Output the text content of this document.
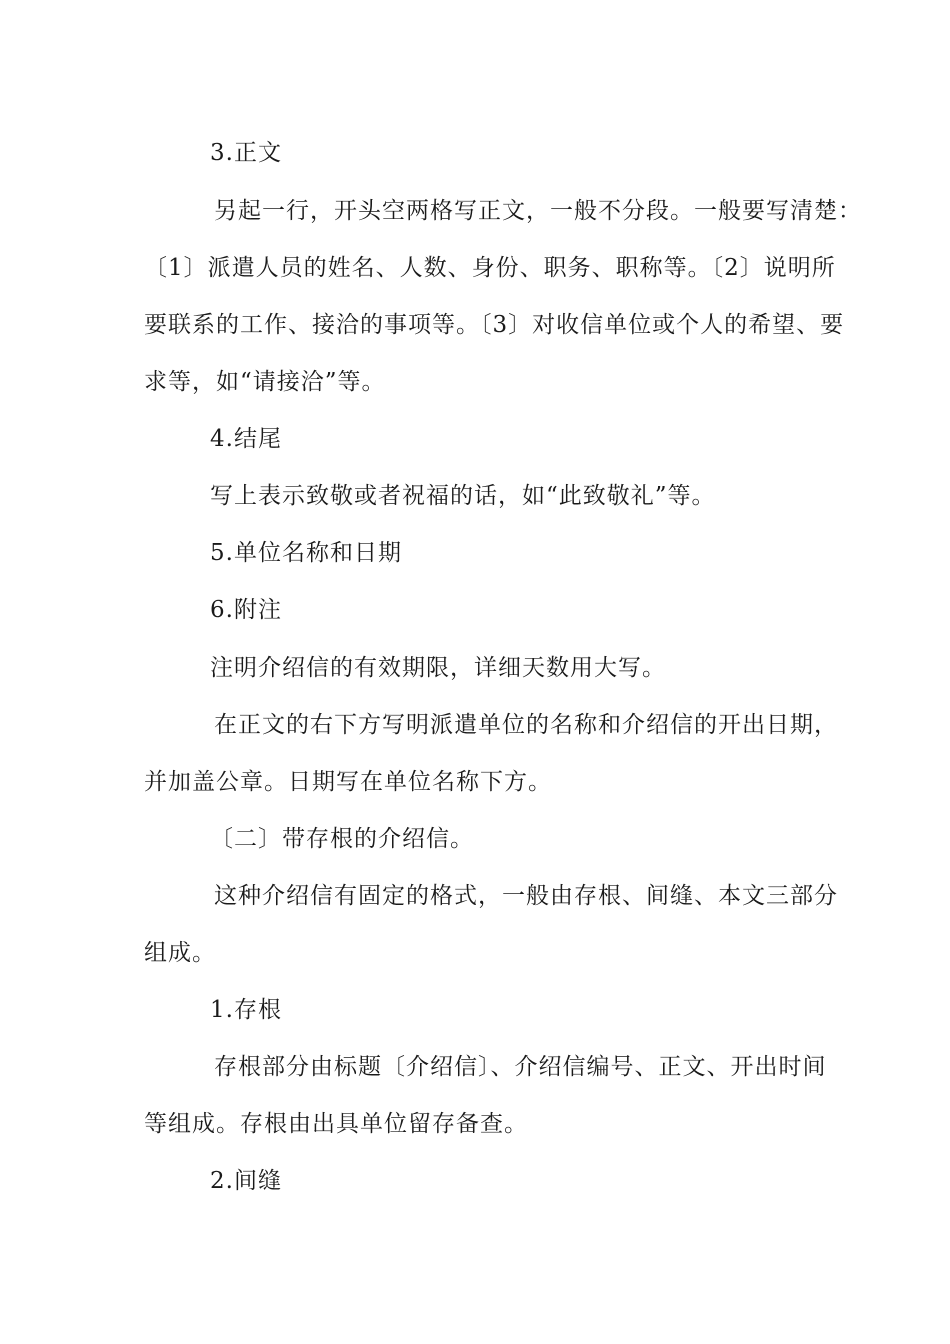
3.正文
另起一行，开头空两格写正文，一般不分段。一般要写清楚：
〔1〕派遣人员的姓名、人数、身份、职务、职称等。〔2〕说明所
要联系的工作、接洽的事项等。〔3〕对收信单位或个人的希望、要
求等，如“请接洽”等。
4.结尾
写上表示致敬或者祝福的话，如“此致敬礼”等。
5.单位名称和日期
6.附注
注明介绍信的有效期限，详细天数用大写。
在正文的右下方写明派遣单位的名称和介绍信的开出日期，
并加盖公章。日期写在单位名称下方。
〔二〕带存根的介绍信。
这种介绍信有固定的格式，一般由存根、间缝、本文三部分
组成。
1.存根
存根部分由标题〔介绍信〕、介绍信编号、正文、开出时间
等组成。存根由出具单位留存备查。
2.间缝
